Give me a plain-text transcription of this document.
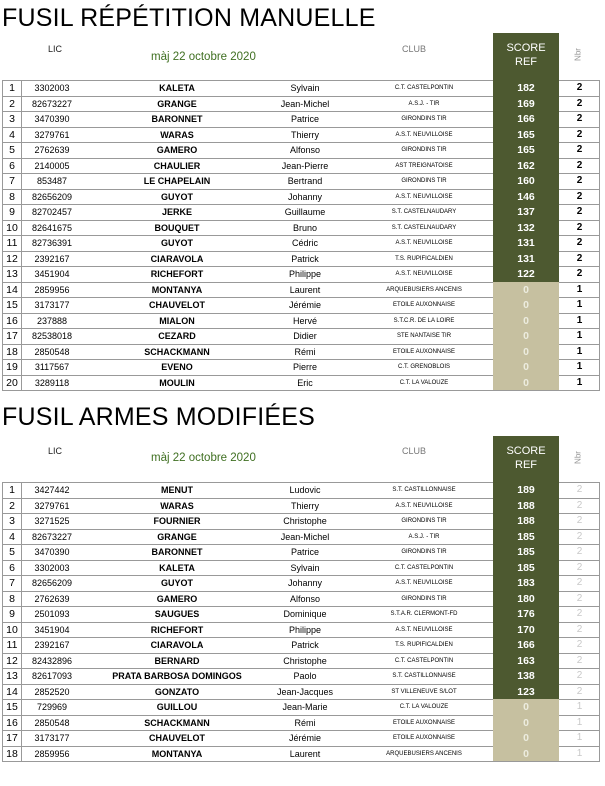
FUSIL RÉPÉTITION MANUELLE
LIC
màj 22 octobre 2020
CLUB	SCORE
REF
Nbr
1	3302003	KALETA	Sylvain	C.T. CASTELPONTIN	182	2
2	82673227	GRANGE	Jean-Michel	A.S.J. - TIR	169	2
3	3470390	BARONNET	Patrice	GIRONDINS TIR	166	2
4	3279761	WARAS	Thierry	A.S.T. NEUVILLOISE	165	2
5	2762639	GAMERO	Alfonso	GIRONDINS TIR	165	2
6	2140005	CHAULIER	Jean-Pierre	AST TREIGNATOISE	162	2
7	853487	LE CHAPELAIN	Bertrand	GIRONDINS TIR	160	2
8	82656209	GUYOT	Johanny	A.S.T. NEUVILLOISE	146	2
9	82702457	JERKE	Guillaume	S.T. CASTELNAUDARY	137	2
10	82641675	BOUQUET	Bruno	S.T. CASTELNAUDARY	132	2
11	82736391	GUYOT	Cédric	A.S.T. NEUVILLOISE	131	2
12	2392167	CIARAVOLA	Patrick	T.S. RUPIFICALDIEN	131	2
13	3451904	RICHEFORT	Philippe	A.S.T. NEUVILLOISE	122	2
14	2859956	MONTANYA	Laurent	ARQUEBUSIERS ANCENIS	0	1
15	3173177	CHAUVELOT	Jérémie	ETOILE AUXONNAISE	0	1
16	237888	MIALON	Hervé	S.T.C.R. DE LA LOIRE	0	1
17	82538018	CEZARD	Didier	STE NANTAISE TIR	0	1
18	2850548	SCHACKMANN	Rémi	ETOILE AUXONNAISE	0	1
19	3117567	EVENO	Pierre	C.T. GRENOBLOIS	0	1
20	3289118	MOULIN	Eric	C.T. LA VALOUZE	0	1
FUSIL ARMES MODIFIÉES
LIC
màj 22 octobre 2020
CLUB	SCORE
REF
Nbr
1	3427442	MENUT	Ludovic	S.T. CASTILLONNAISE	189	2
2	3279761	WARAS	Thierry	A.S.T. NEUVILLOISE	188	2
3	3271525	FOURNIER	Christophe	GIRONDINS TIR	188	2
4	82673227	GRANGE	Jean-Michel	A.S.J. - TIR	185	2
5	3470390	BARONNET	Patrice	GIRONDINS TIR	185	2
6	3302003	KALETA	Sylvain	C.T. CASTELPONTIN	185	2
7	82656209	GUYOT	Johanny	A.S.T. NEUVILLOISE	183	2
8	2762639	GAMERO	Alfonso	GIRONDINS TIR	180	2
9	2501093	SAUGUES	Dominique	S.T.A.R. CLERMONT-FD	176	2
10	3451904	RICHEFORT	Philippe	A.S.T. NEUVILLOISE	170	2
11	2392167	CIARAVOLA	Patrick	T.S. RUPIFICALDIEN	166	2
12	82432896	BERNARD	Christophe	C.T. CASTELPONTIN	163	2
13	82617093	PRATA BARBOSA DOMINGOS	Paolo	S.T. CASTILLONNAISE	138	2
14	2852520	GONZATO	Jean-Jacques	ST VILLENEUVE S/LOT	123	2
15	729969	GUILLOU	Jean-Marie	C.T. LA VALOUZE	0	1
16	2850548	SCHACKMANN	Rémi	ETOILE AUXONNAISE	0	1
17	3173177	CHAUVELOT	Jérémie	ETOILE AUXONNAISE	0	1
18	2859956	MONTANYA	Laurent	ARQUEBUSIERS ANCENIS	0	1
